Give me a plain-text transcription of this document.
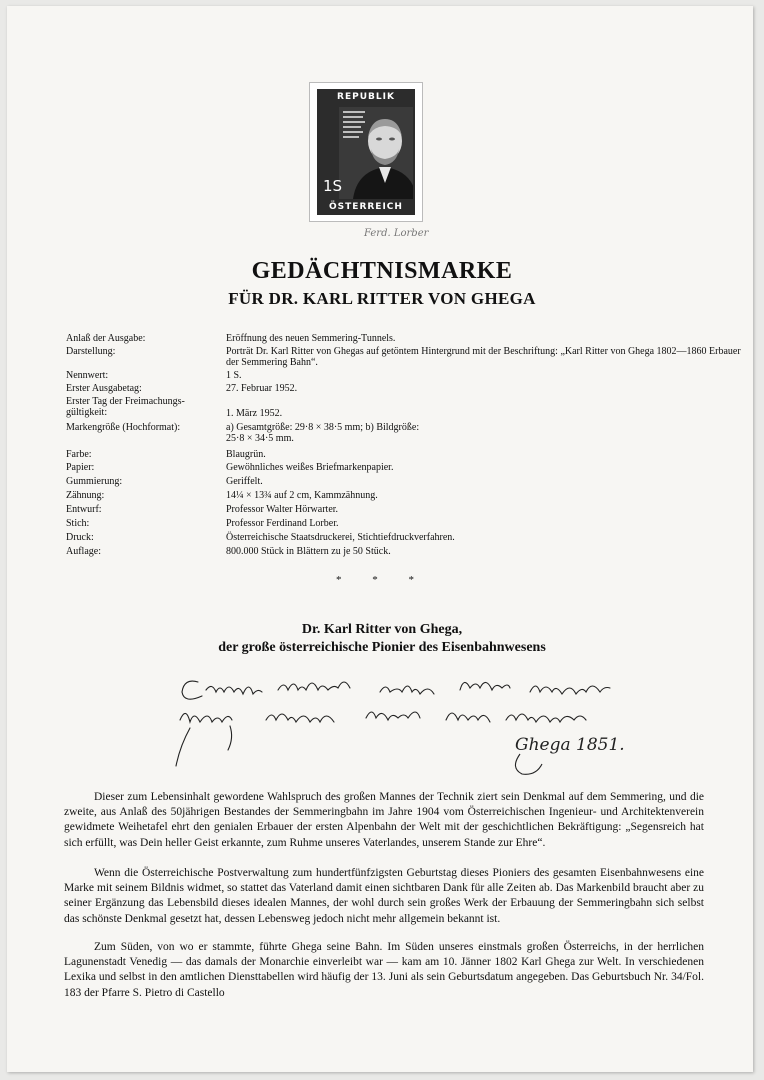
REPUBLIK
1S
ÖSTERREICH
Ferd. Lorber
GEDÄCHTNISMARKE
FÜR DR. KARL RITTER VON GHEGA
Anlaß der Ausgabe:	Eröffnung des neuen Semmering-Tunnels.
Darstellung:	Porträt Dr. Karl Ritter von Ghegas auf getöntem Hintergrund mit der Beschriftung: „Karl Ritter von Ghega 1802—1860 Erbauer der Semmering Bahn“.
Nennwert:	1 S.
Erster Ausgabetag:	27. Februar 1952.
Erster Tag der Freimachungs-gültigkeit:	1. März 1952.
Markengröße (Hochformat):	a) Gesamtgröße: 29·8 × 38·5 mm; b) Bildgröße: 25·8 × 34·5 mm.
Farbe:	Blaugrün.
Papier:	Gewöhnliches weißes Briefmarkenpapier.
Gummierung:	Geriffelt.
Zähnung:	14¼ × 13¾ auf 2 cm, Kammzähnung.
Entwurf:	Professor Walter Hörwarter.
Stich:	Professor Ferdinand Lorber.
Druck:	Österreichische Staatsdruckerei, Stichtiefdruckverfahren.
Auflage:	800.000 Stück in Blättern zu je 50 Stück.
* * *
Dr. Karl Ritter von Ghega,
der große österreichische Pionier des Eisenbahnwesens
Ghega 1851.
Dieser zum Lebensinhalt gewordene Wahlspruch des großen Mannes der Technik ziert sein Denkmal auf dem Semmering, und die zweite, aus Anlaß des 50jährigen Bestandes der Semmeringbahn im Jahre 1904 vom Österreichischen Ingenieur- und Architektenverein gewidmete Weihetafel ehrt den genialen Erbauer der ersten Alpenbahn der Welt mit der geschichtlichen Bekräftigung: „Segensreich hat sich erfüllt, was Dein heller Geist erkannte, zum Ruhme unseres Vaterlandes, unserem Stande zur Ehre“.
Wenn die Österreichische Postverwaltung zum hundertfünfzigsten Geburtstag dieses Pioniers des gesamten Eisenbahnwesens eine Marke mit seinem Bildnis widmet, so stattet das Vaterland damit einen sichtbaren Dank für alle Zeiten ab. Das Markenbild braucht aber zu seiner Ergänzung das Lebensbild dieses idealen Mannes, der wohl durch sein großes Werk der Erbauung der Semmeringbahn sich selbst das schönste Denkmal gesetzt hat, dessen Lebensweg jedoch nicht mehr allgemein bekannt ist.
Zum Süden, von wo er stammte, führte Ghega seine Bahn. Im Süden unseres einstmals großen Österreichs, in der herrlichen Lagunenstadt Venedig — das damals der Monarchie einverleibt war — kam am 10. Jänner 1802 Karl Ghega zur Welt. In verschiedenen Lexika und selbst in den amtlichen Diensttabellen wird häufig der 13. Juni als sein Geburtsdatum angegeben. Das Geburtsbuch Nr. 34/Fol. 183 der Pfarre S. Pietro di Castello
